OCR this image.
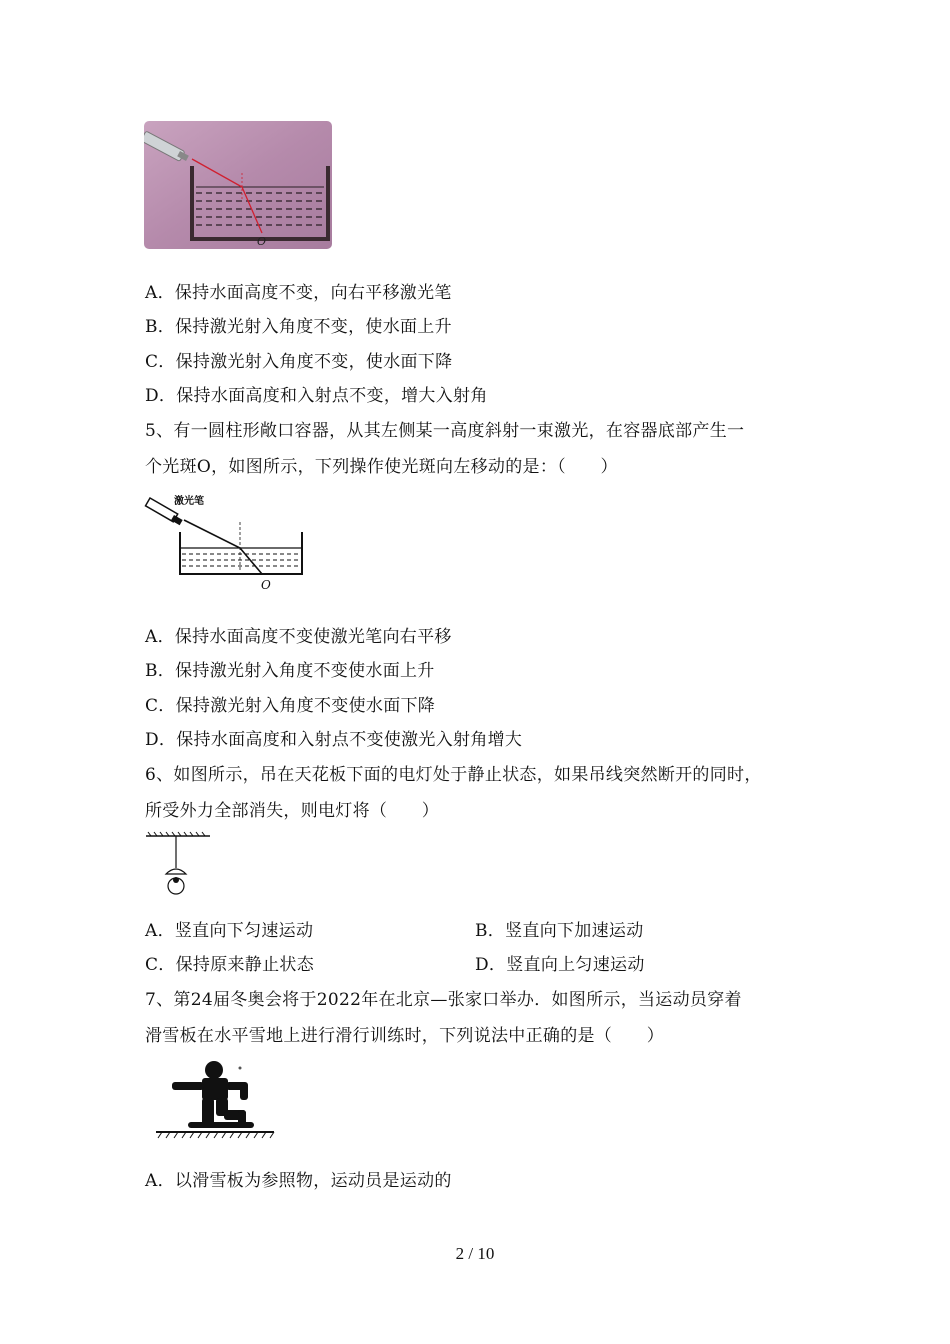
O
A．保持水面高度不变，向右平移激光笔
B．保持激光射入角度不变，使水面上升
C．保持激光射入角度不变，使水面下降
D．保持水面高度和入射点不变，增大入射角
5、有一圆柱形敞口容器，从其左侧某一高度斜射一束激光，在容器底部产生一
个光斑O，如图所示，下列操作使光斑向左移动的是：（　　）
激光笔
O
A．保持水面高度不变使激光笔向右平移
B．保持激光射入角度不变使水面上升
C．保持激光射入角度不变使水面下降
D．保持水面高度和入射点不变使激光入射角增大
6、如图所示，吊在天花板下面的电灯处于静止状态，如果吊线突然断开的同时，
所受外力全部消失，则电灯将（　　）
A．竖直向下匀速运动	B．竖直向下加速运动
C．保持原来静止状态	D．竖直向上匀速运动
7、第24届冬奥会将于2022年在北京—张家口举办．如图所示，当运动员穿着
滑雪板在水平雪地上进行滑行训练时，下列说法中正确的是（　　）
A．以滑雪板为参照物，运动员是运动的
2 / 10
